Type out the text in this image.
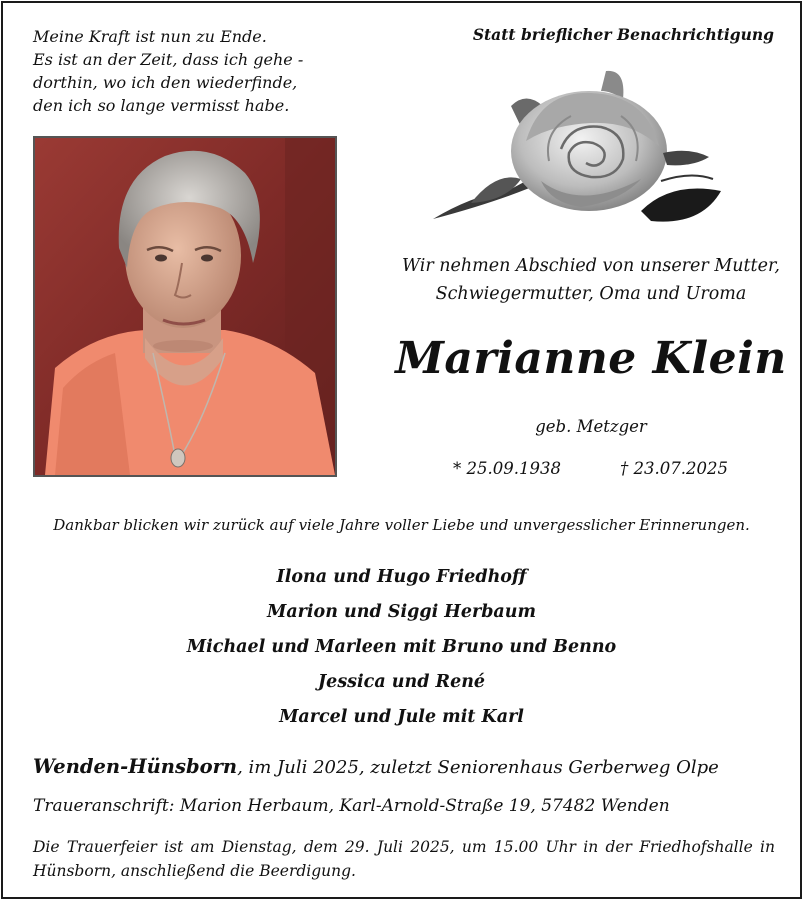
Meine Kraft ist nun zu Ende.
Es ist an der Zeit, dass ich gehe -
dorthin, wo ich den wiederfinde,
den ich so lange vermisst habe.
Statt brieflicher Benachrichtigung
Wir nehmen Abschied von unserer Mutter,
Schwiegermutter, Oma und Uroma
Marianne Klein
geb. Metzger
* 25.09.1938	† 23.07.2025
Dankbar blicken wir zurück auf viele Jahre voller Liebe und unvergesslicher Erinnerungen.
Ilona und Hugo Friedhoff
Marion und Siggi Herbaum
Michael und Marleen mit Bruno und Benno
Jessica und René
Marcel und Jule mit Karl
Wenden-Hünsborn, im Juli 2025, zuletzt Seniorenhaus Gerberweg Olpe
Traueranschrift: Marion Herbaum, Karl-Arnold-Straße 19, 57482 Wenden
Die Trauerfeier ist am Dienstag, dem 29. Juli 2025, um 15.00 Uhr in der Friedhofshalle in Hünsborn, anschließend die Beerdigung.
